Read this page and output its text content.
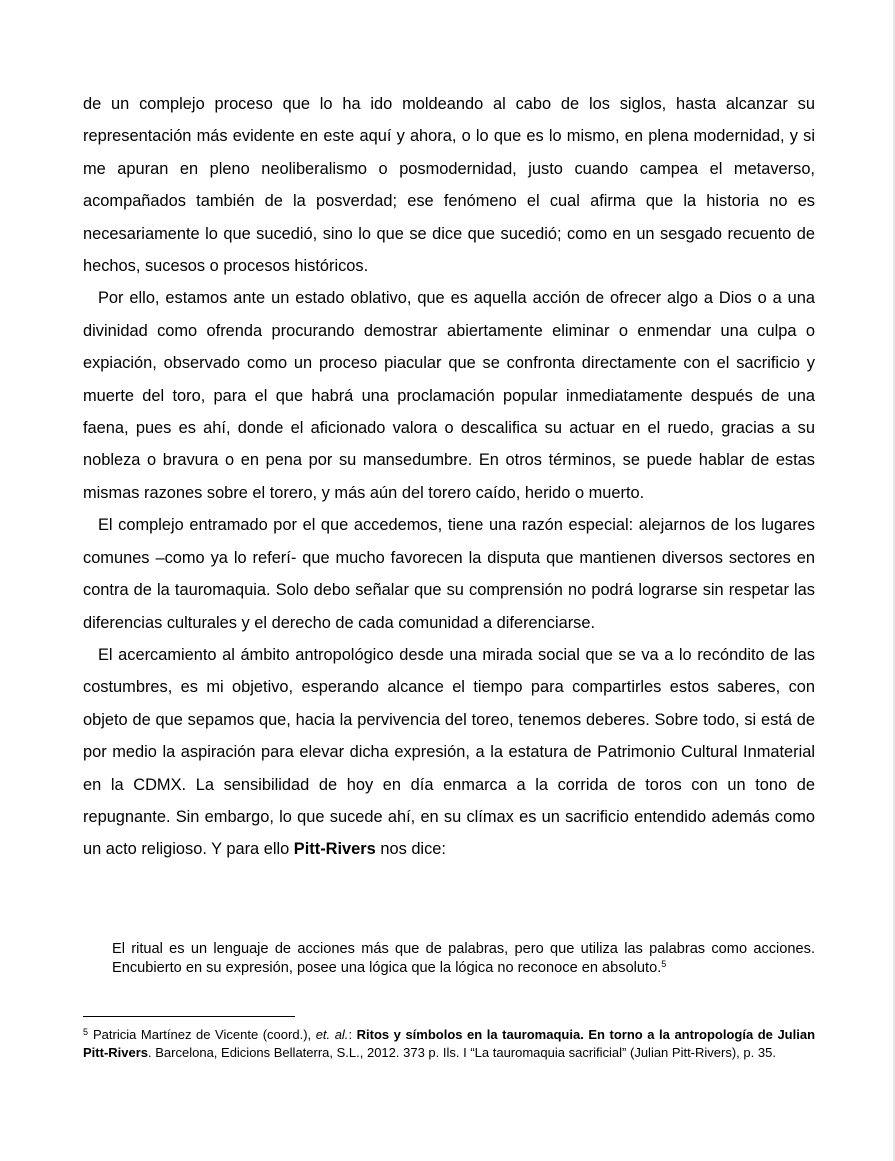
de un complejo proceso que lo ha ido moldeando al cabo de los siglos, hasta alcanzar su representación más evidente en este aquí y ahora, o lo que es lo mismo, en plena modernidad, y si me apuran en pleno neoliberalismo o posmodernidad, justo cuando campea el metaverso, acompañados también de la posverdad; ese fenómeno el cual afirma que la historia no es necesariamente lo que sucedió, sino lo que se dice que sucedió; como en un sesgado recuento de hechos, sucesos o procesos históricos.

Por ello, estamos ante un estado oblativo, que es aquella acción de ofrecer algo a Dios o a una divinidad como ofrenda procurando demostrar abiertamente eliminar o enmendar una culpa o expiación, observado como un proceso piacular que se confronta directamente con el sacrificio y muerte del toro, para el que habrá una proclamación popular inmediatamente después de una faena, pues es ahí, donde el aficionado valora o descalifica su actuar en el ruedo, gracias a su nobleza o bravura o en pena por su mansedumbre. En otros términos, se puede hablar de estas mismas razones sobre el torero, y más aún del torero caído, herido o muerto.

El complejo entramado por el que accedemos, tiene una razón especial: alejarnos de los lugares comunes –como ya lo referí- que mucho favorecen la disputa que mantienen diversos sectores en contra de la tauromaquia. Solo debo señalar que su comprensión no podrá lograrse sin respetar las diferencias culturales y el derecho de cada comunidad a diferenciarse.

El acercamiento al ámbito antropológico desde una mirada social que se va a lo recóndito de las costumbres, es mi objetivo, esperando alcance el tiempo para compartirles estos saberes, con objeto de que sepamos que, hacia la pervivencia del toreo, tenemos deberes. Sobre todo, si está de por medio la aspiración para elevar dicha expresión, a la estatura de Patrimonio Cultural Inmaterial en la CDMX. La sensibilidad de hoy en día enmarca a la corrida de toros con un tono de repugnante. Sin embargo, lo que sucede ahí, en su clímax es un sacrificio entendido además como un acto religioso. Y para ello Pitt-Rivers nos dice:

El ritual es un lenguaje de acciones más que de palabras, pero que utiliza las palabras como acciones. Encubierto en su expresión, posee una lógica que la lógica no reconoce en absoluto.$^5$

$^5$ Patricia Martínez de Vicente (coord.), et. al.: Ritos y símbolos en la tauromaquia. En torno a la antropología de Julian Pitt-Rivers. Barcelona, Edicions Bellaterra, S.L., 2012. 373 p. Ils. I “La tauromaquia sacrificial” (Julian Pitt-Rivers), p. 35.
